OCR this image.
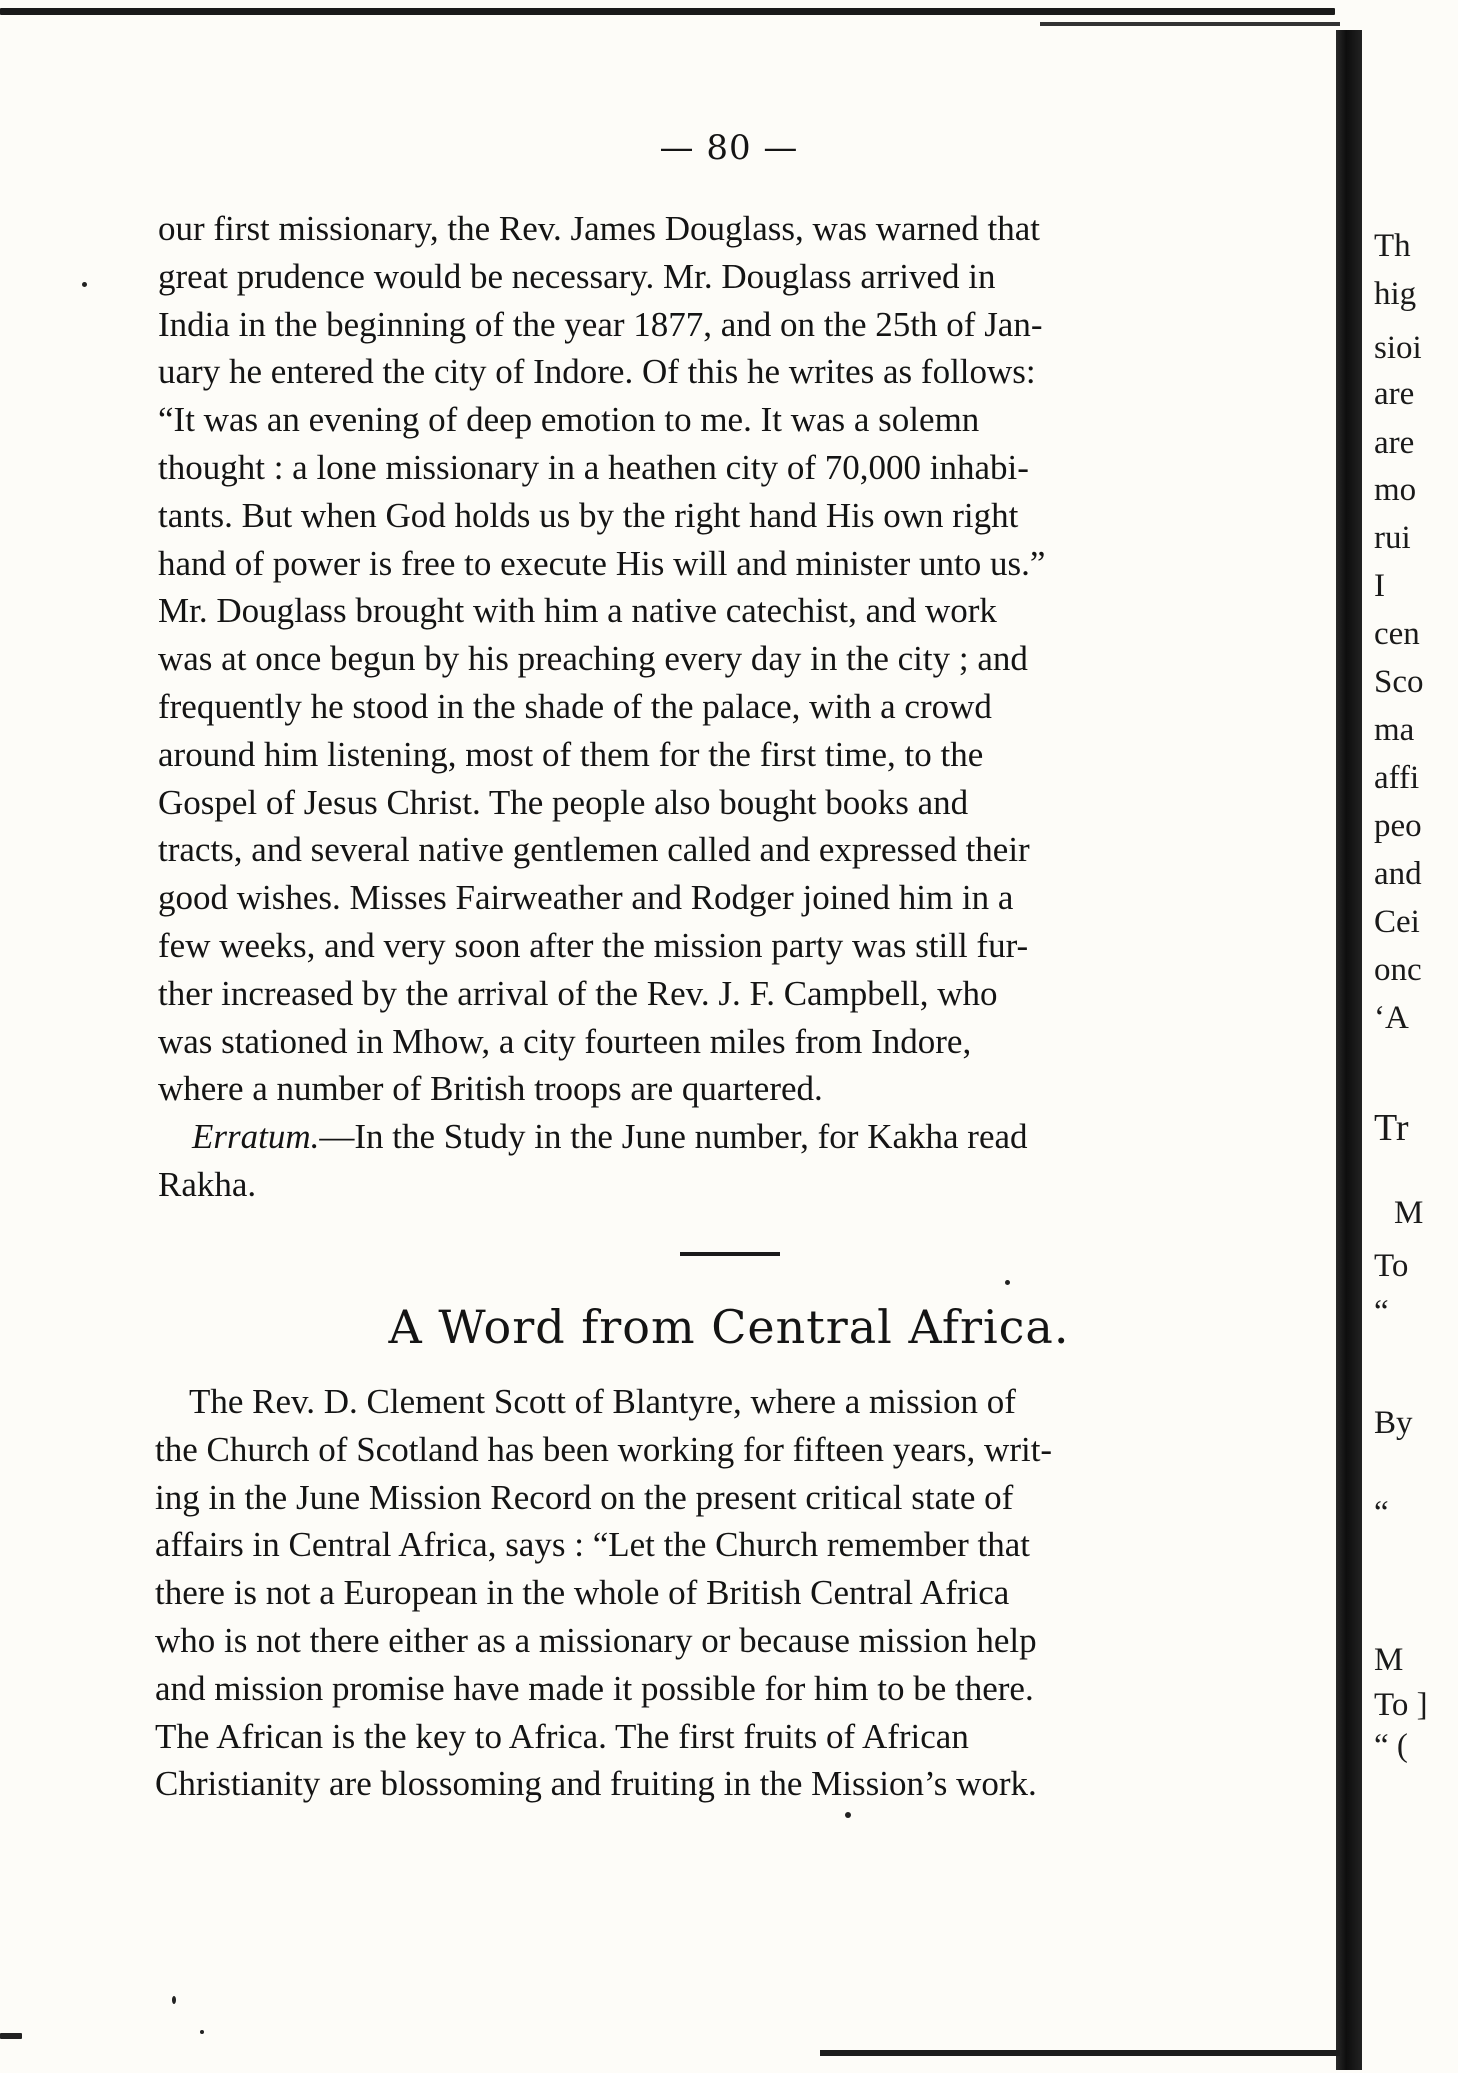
— 80 —

our first missionary, the Rev. James Douglass, was warned that

great prudence would be necessary. Mr. Douglass arrived in

India in the beginning of the year 1877, and on the 25th of Jan-

uary he entered the city of Indore. Of this he writes as follows:

“It was an evening of deep emotion to me. It was a solemn

thought : a lone missionary in a heathen city of 70,000 inhabi-

tants. But when God holds us by the right hand His own right

hand of power is free to execute His will and minister unto us.”

Mr. Douglass brought with him a native catechist, and work

was at once begun by his preaching every day in the city ; and

frequently he stood in the shade of the palace, with a crowd

around him listening, most of them for the first time, to the

Gospel of Jesus Christ. The people also bought books and

tracts, and several native gentlemen called and expressed their

good wishes. Misses Fairweather and Rodger joined him in a

few weeks, and very soon after the mission party was still fur-

ther increased by the arrival of the Rev. J. F. Campbell, who

was stationed in Mhow, a city fourteen miles from Indore,

where a number of British troops are quartered.

Erratum.—In the Study in the June number, for Kakha read

Rakha.

A Word from Central Africa.

The Rev. D. Clement Scott of Blantyre, where a mission of

the Church of Scotland has been working for fifteen years, writ-

ing in the June Mission Record on the present critical state of

affairs in Central Africa, says : “Let the Church remember that

there is not a European in the whole of British Central Africa

who is not there either as a missionary or because mission help

and mission promise have made it possible for him to be there.

The African is the key to Africa. The first fruits of African

Christianity are blossoming and fruiting in the Mission’s work.

Th
hig
sioi
are
are
mo
rui
I
cen
Sco
ma
affi
peo
and
Cei
onc
‘A
Tr
M
To
“
By
“
M
To ]
“ (
